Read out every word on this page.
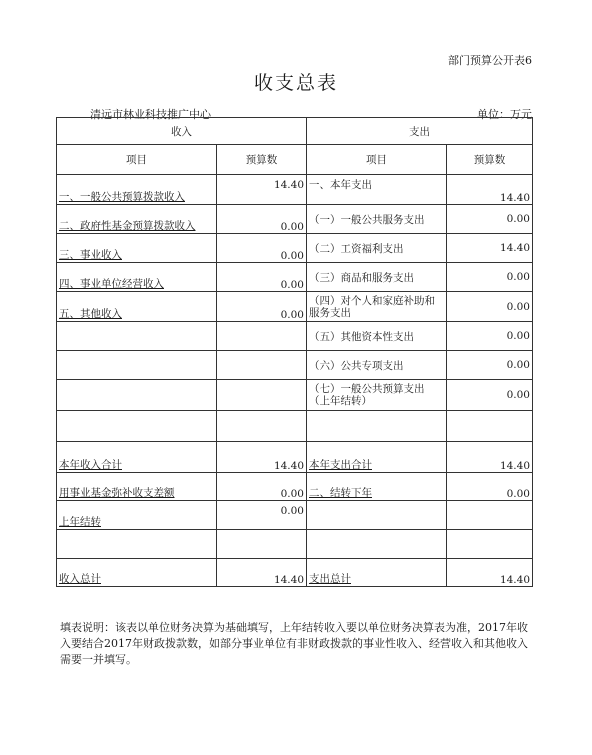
部门预算公开表6
收支总表
清远市林业科技推广中心	单位：万元
收入		支出	
项目	预算数	项目	预算数
一、一般公共预算拨款收入	14.40	一、本年支出	14.40
二、政府性基金预算拨款收入	0.00	（一）一般公共服务支出	0.00
三、事业收入	0.00	（二）工资福利支出	14.40
四、事业单位经营收入	0.00	（三）商品和服务支出	0.00
五、其他收入	0.00	（四）对个人和家庭补助和服务支出	0.00
		（五）其他资本性支出	0.00
		（六）公共专项支出	0.00

		（七）一般公共预算支出（上年结转）	0.00

本年收入合计	14.40	本年支出合计	14.40
用事业基金弥补收支差额	0.00	二、结转下年	0.00
上年结转	0.00		

收入总计	14.40	支出总计	14.40
填表说明：该表以单位财务决算为基础填写，上年结转收入要以单位财务决算表为准，2017年收入要结合2017年财政拨款数，如部分事业单位有非财政拨款的事业性收入、经营收入和其他收入需要一并填写。
